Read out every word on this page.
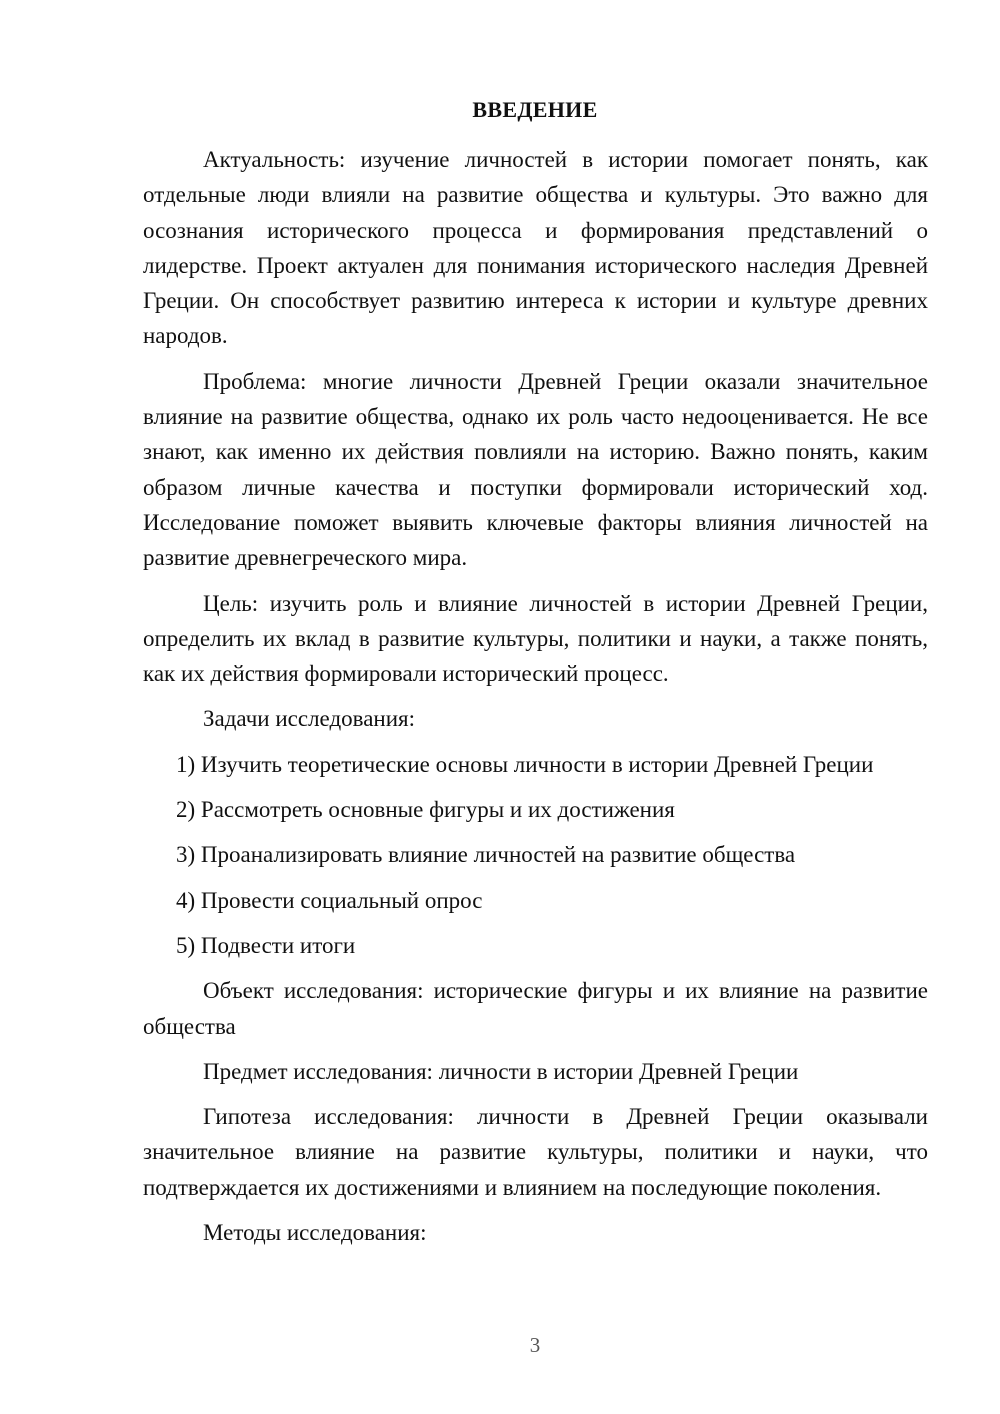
ВВЕДЕНИЕ

Актуальность: изучение личностей в истории помогает понять, как отдельные люди влияли на развитие общества и культуры. Это важно для осознания исторического процесса и формирования представлений о лидерстве. Проект актуален для понимания исторического наследия Древней Греции. Он способствует развитию интереса к истории и культуре древних народов.

Проблема: многие личности Древней Греции оказали значительное влияние на развитие общества, однако их роль часто недооценивается. Не все знают, как именно их действия повлияли на историю. Важно понять, каким образом личные качества и поступки формировали исторический ход. Исследование поможет выявить ключевые факторы влияния личностей на развитие древнегреческого мира.

Цель: изучить роль и влияние личностей в истории Древней Греции, определить их вклад в развитие культуры, политики и науки, а также понять, как их действия формировали исторический процесс.

Задачи исследования:

1) Изучить теоретические основы личности в истории Древней Греции

2) Рассмотреть основные фигуры и их достижения

3) Проанализировать влияние личностей на развитие общества

4) Провести социальный опрос

5) Подвести итоги

Объект исследования: исторические фигуры и их влияние на развитие общества

Предмет исследования: личности в истории Древней Греции

Гипотеза исследования: личности в Древней Греции оказывали значительное влияние на развитие культуры, политики и науки, что подтверждается их достижениями и влиянием на последующие поколения.

Методы исследования:

3
